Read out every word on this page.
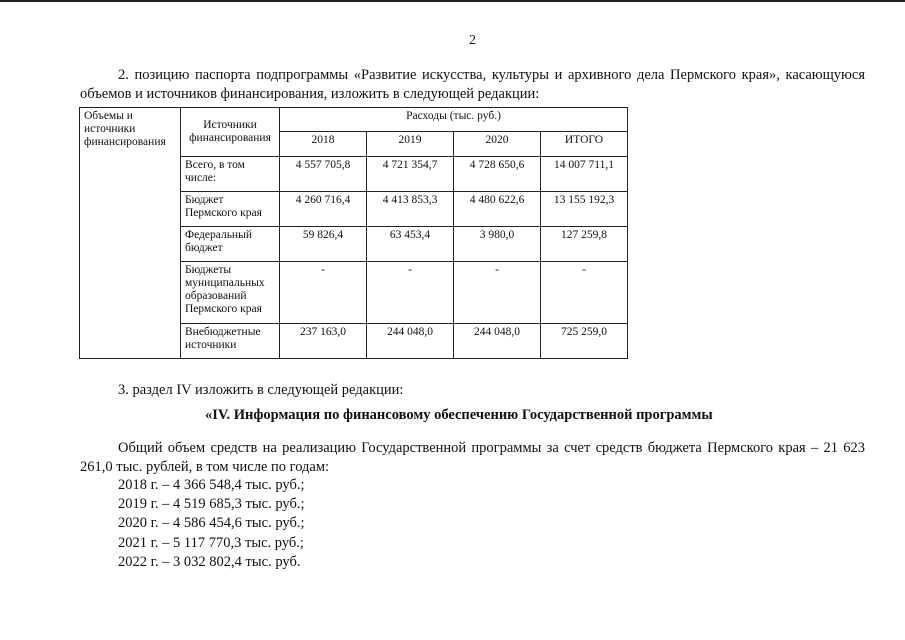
2
2. позицию паспорта подпрограммы «Развитие искусства, культуры и архивного дела Пермского края», касающуюся объемов и источников финансирования, изложить в следующей редакции:
Объемы и источники финансирования	Источники финансирования	Расходы (тыс. руб.)			
		2018	2019	2020	ИТОГО
	Всего, в том числе:	4 557 705,8	4 721 354,7	4 728 650,6	14 007 711,1
	Бюджет Пермского края	4 260 716,4	4 413 853,3	4 480 622,6	13 155 192,3
	Федеральный бюджет	59 826,4	63 453,4	3 980,0	127 259,8
	Бюджеты муниципальных образований Пермского края	-	-	-	-
	Внебюджетные источники	237 163,0	244 048,0	244 048,0	725 259,0
3. раздел IV изложить в следующей редакции:
«IV. Информация по финансовому обеспечению Государственной программы
Общий объем средств на реализацию Государственной программы за счет средств бюджета Пермского края – 21 623 261,0 тыс. рублей, в том числе по годам:
2018 г. – 4 366 548,4 тыс. руб.;
2019 г. – 4 519 685,3 тыс. руб.;
2020 г. – 4 586 454,6 тыс. руб.;
2021 г. – 5 117 770,3 тыс. руб.;
2022 г. – 3 032 802,4 тыс. руб.
